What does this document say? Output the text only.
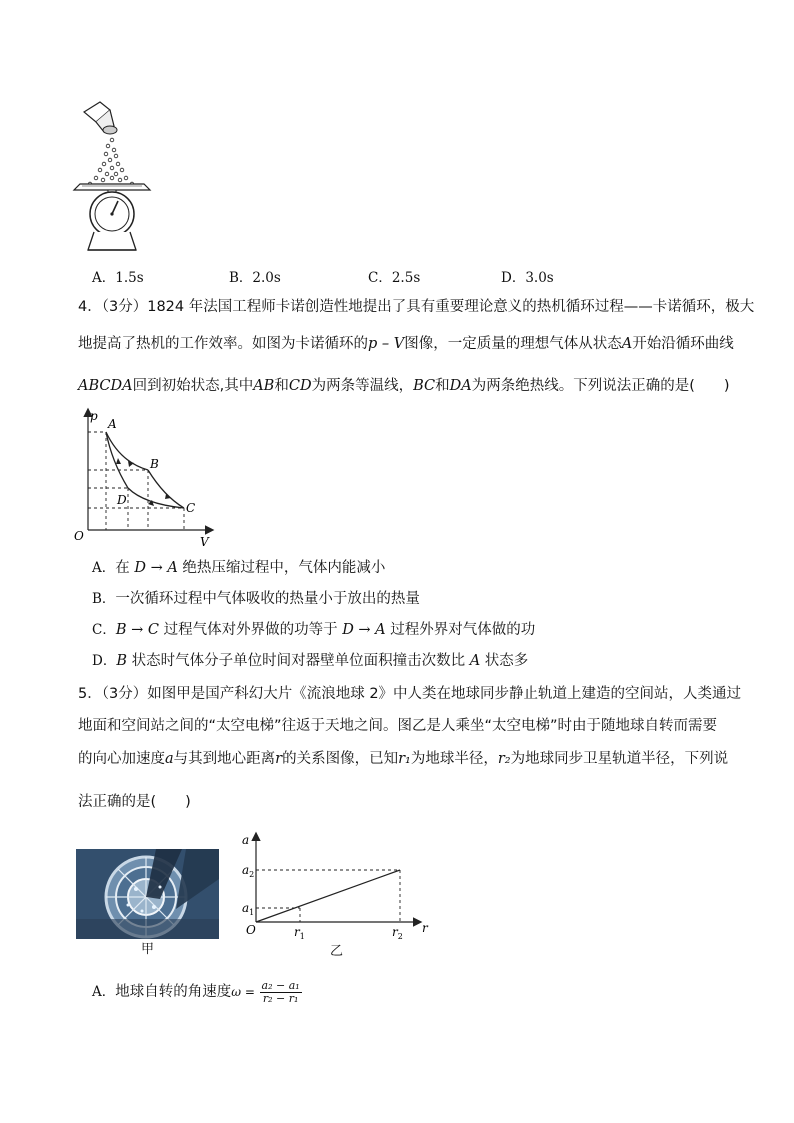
A．1.5s	B．2.0s	C．2.5s	D．3.0s
4．（3分）1824 年法国工程师卡诺创造性地提出了具有重要理论意义的热机循环过程——卡诺循环，极大
地提高了热机的工作效率。如图为卡诺循环的p – V图像，一定质量的理想气体从状态A开始沿循环曲线
ABCDA回到初始状态,其中AB和CD为两条等温线，BC和DA为两条绝热线。下列说法正确的是(　　)
p
V
O
A
B
C
D
A．在 D → A 绝热压缩过程中，气体内能减小
B．一次循环过程中气体吸收的热量小于放出的热量
C．B → C 过程气体对外界做的功等于 D → A 过程外界对气体做的功
D．B 状态时气体分子单位时间对器壁单位面积撞击次数比 A 状态多
5．（3分）如图甲是国产科幻大片《流浪地球 2》中人类在地球同步静止轨道上建造的空间站，人类通过
地面和空间站之间的“太空电梯”往返于天地之间。图乙是人乘坐“太空电梯”时由于随地球自转而需要
的向心加速度a与其到地心距离r的关系图像，已知r₁为地球半径，r₂为地球同步卫星轨道半径，下列说
法正确的是(　　)
甲
a
r
O
$a_2$
$a_1$
$r_1$	$r_2$
乙
A．地球自转的角速度$\omega = \frac{\text{a₂ − a₁}}{\text{r₂ − r₁}}$
